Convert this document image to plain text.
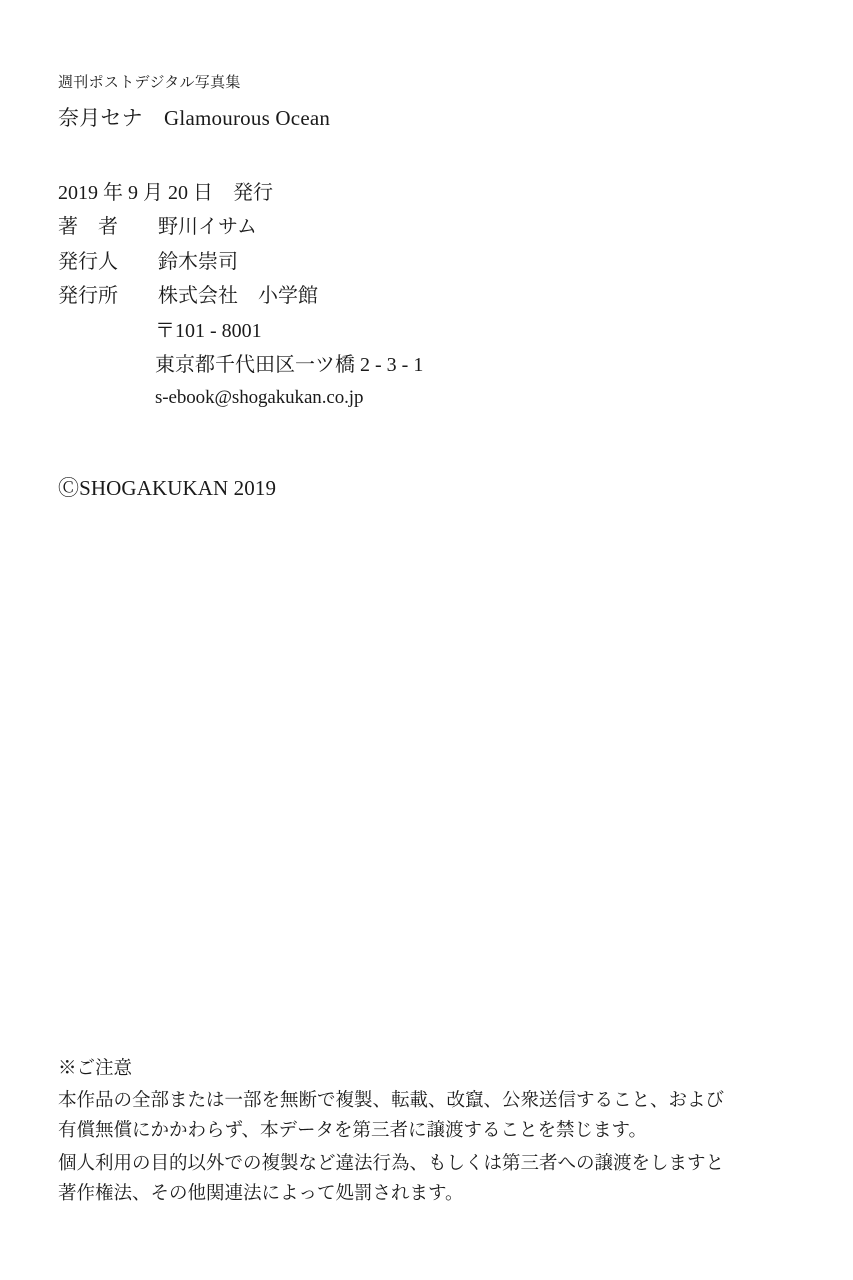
週刊ポストデジタル写真集
奈月セナ　Glamourous Ocean
2019 年 9 月 20 日　発行
著　者　　野川イサム
発行人　　鈴木崇司
発行所　　株式会社　小学館
〒101 - 8001
東京都千代田区一ツ橋 2 - 3 - 1
s-ebook@shogakukan.co.jp
ⒸSHOGAKUKAN 2019
※ご注意
本作品の全部または一部を無断で複製、転載、改竄、公衆送信すること、および
有償無償にかかわらず、本データを第三者に譲渡することを禁じます。
個人利用の目的以外での複製など違法行為、もしくは第三者への譲渡をしますと
著作権法、その他関連法によって処罰されます。
